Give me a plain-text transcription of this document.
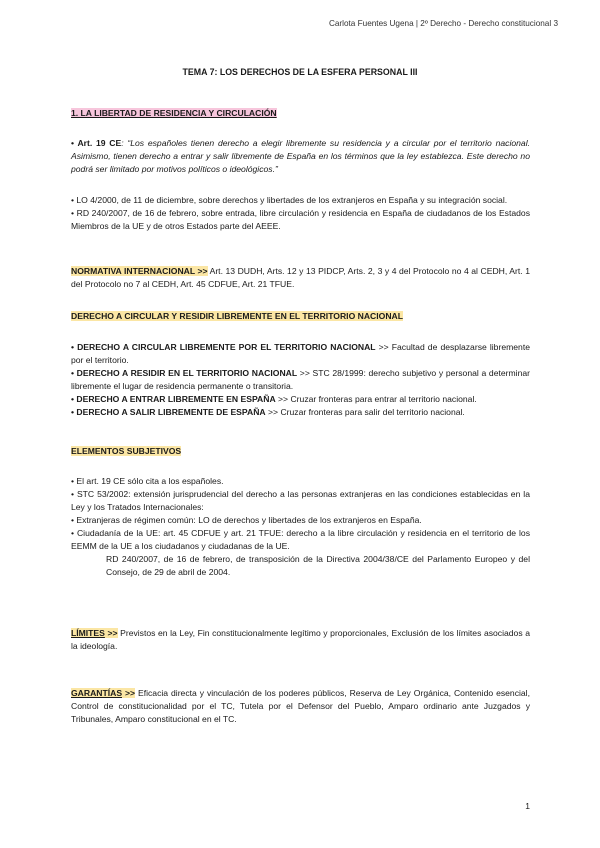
Carlota Fuentes Ugena | 2º Derecho - Derecho constitucional 3
TEMA 7: LOS DERECHOS DE LA ESFERA PERSONAL III
1. LA LIBERTAD DE RESIDENCIA Y CIRCULACIÓN

• Art. 19 CE: “Los españoles tienen derecho a elegir libremente su residencia y a circular por el territorio nacional. Asimismo, tienen derecho a entrar y salir libremente de España en los términos que la ley establezca. Este derecho no podrá ser limitado por motivos políticos o ideológicos.”

• LO 4/2000, de 11 de diciembre, sobre derechos y libertades de los extranjeros en España y su integración social.

• RD 240/2007, de 16 de febrero, sobre entrada, libre circulación y residencia en España de ciudadanos de los Estados Miembros de la UE y de otros Estados parte del AEEE.

NORMATIVA INTERNACIONAL >> Art. 13 DUDH, Arts. 12 y 13 PIDCP, Arts. 2, 3 y 4 del Protocolo no 4 al CEDH, Art. 1 del Protocolo no 7 al CEDH, Art. 45 CDFUE, Art. 21 TFUE.

DERECHO A CIRCULAR Y RESIDIR LIBREMENTE EN EL TERRITORIO NACIONAL

• DERECHO A CIRCULAR LIBREMENTE POR EL TERRITORIO NACIONAL >> Facultad de desplazarse libremente por el territorio.

• DERECHO A RESIDIR EN EL TERRITORIO NACIONAL >> STC 28/1999: derecho subjetivo y personal a determinar libremente el lugar de residencia permanente o transitoria.

• DERECHO A ENTRAR LIBREMENTE EN ESPAÑA >> Cruzar fronteras para entrar al territorio nacional.

• DERECHO A SALIR LIBREMENTE DE ESPAÑA >> Cruzar fronteras para salir del territorio nacional.

ELEMENTOS SUBJETIVOS

• El art. 19 CE sólo cita a los españoles.

• STC 53/2002: extensión jurisprudencial del derecho a las personas extranjeras en las condiciones establecidas en la Ley y los Tratados Internacionales:

• Extranjeras de régimen común: LO de derechos y libertades de los extranjeros en España.

• Ciudadanía de la UE: art. 45 CDFUE y art. 21 TFUE: derecho a la libre circulación y residencia en el territorio de los EEMM de la UE a los ciudadanos y ciudadanas de la UE.

RD 240/2007, de 16 de febrero, de transposición de la Directiva 2004/38/CE del Parlamento Europeo y del Consejo, de 29 de abril de 2004.

LÍMITES >> Previstos en la Ley, Fin constitucionalmente legítimo y proporcionales, Exclusión de los límites asociados a la ideología.

GARANTÍAS >> Eficacia directa y vinculación de los poderes públicos, Reserva de Ley Orgánica, Contenido esencial, Control de constitucionalidad por el TC, Tutela por el Defensor del Pueblo, Amparo ordinario ante Juzgados y Tribunales, Amparo constitucional en el TC.

1
